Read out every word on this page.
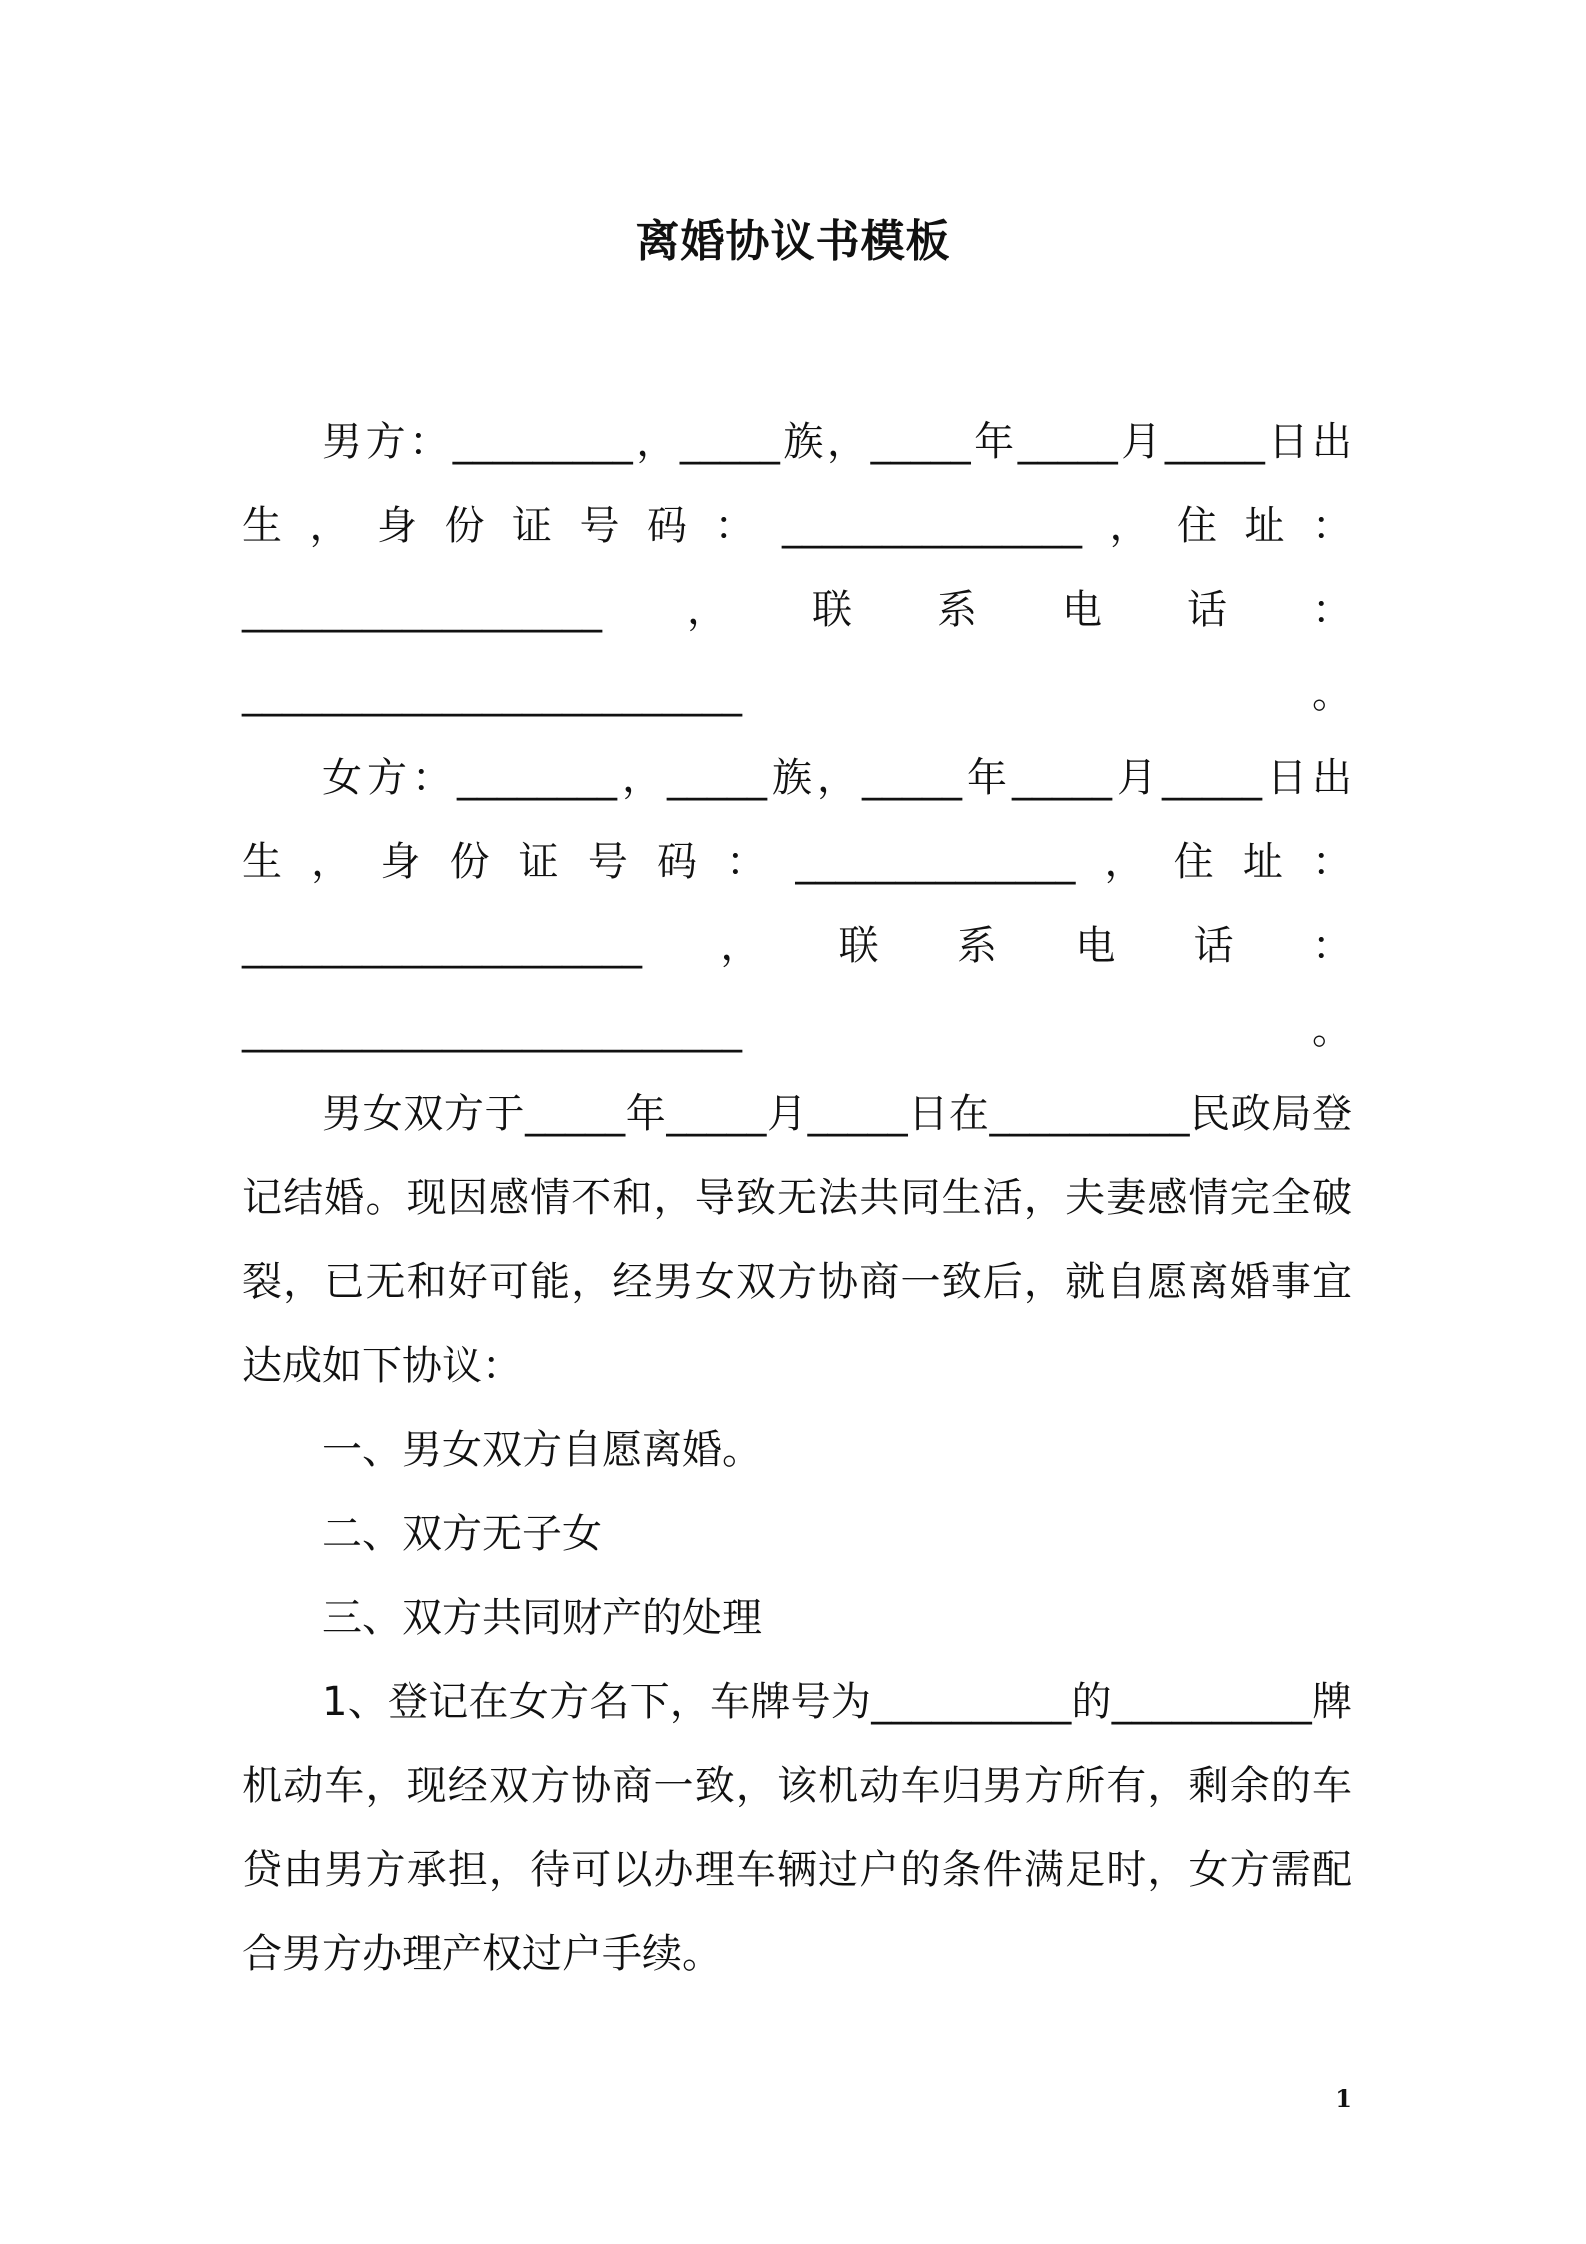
离婚协议书模板

男方：_________，_____族，_____年_____月_____日出生，身份证号码：_______________，住址：__________________，联系电话：_________________________。

女方：________，_____族，_____年_____月_____日出生，身份证号码：______________，住址：____________________，联系电话：_________________________。

男女双方于_____年_____月_____日在__________民政局登记结婚。现因感情不和，导致无法共同生活，夫妻感情完全破裂，已无和好可能，经男女双方协商一致后，就自愿离婚事宜达成如下协议：

一、男女双方自愿离婚。

二、双方无子女

三、双方共同财产的处理

1、登记在女方名下，车牌号为__________的__________牌机动车，现经双方协商一致，该机动车归男方所有，剩余的车贷由男方承担，待可以办理车辆过户的条件满足时，女方需配合男方办理产权过户手续。

1
